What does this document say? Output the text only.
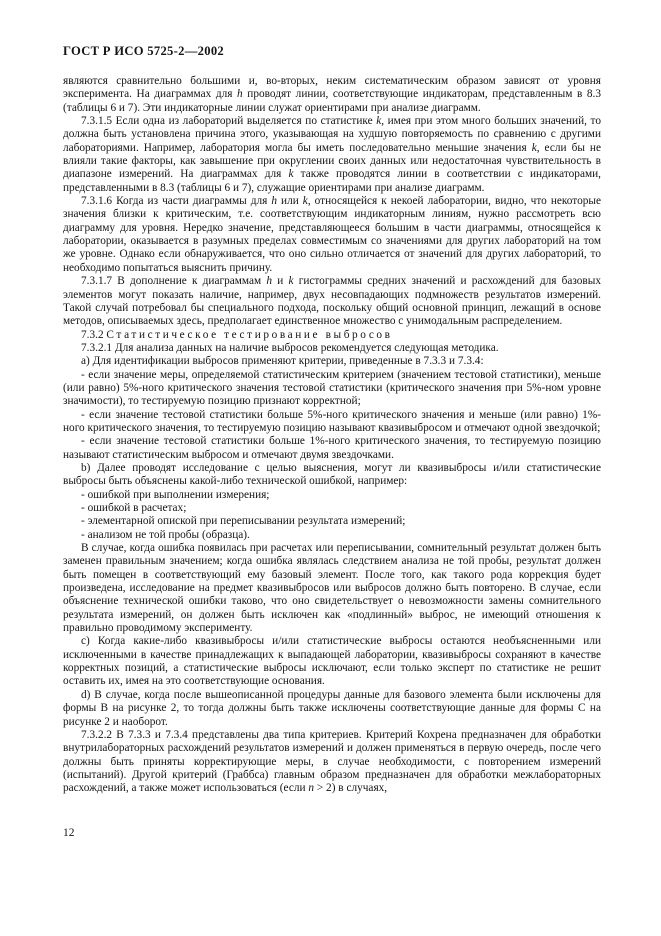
ГОСТ Р ИСО 5725-2—2002

являются сравнительно большими и, во-вторых, неким систематическим образом зависят от уровня эксперимента. На диаграммах для h проводят линии, соответствующие индикаторам, представленным в 8.3 (таблицы 6 и 7). Эти индикаторные линии служат ориентирами при анализе диаграмм.

7.3.1.5 Если одна из лабораторий выделяется по статистике k, имея при этом много больших значений, то должна быть установлена причина этого, указывающая на худшую повторяемость по сравнению с другими лабораториями. Например, лаборатория могла бы иметь последовательно меньшие значения k, если бы не влияли такие факторы, как завышение при округлении своих данных или недостаточная чувствительность в диапазоне измерений. На диаграммах для k также проводятся линии в соответствии с индикаторами, представленными в 8.3 (таблицы 6 и 7), служащие ориентирами при анализе диаграмм.

7.3.1.6 Когда из части диаграммы для h или k, относящейся к некоей лаборатории, видно, что некоторые значения близки к критическим, т.е. соответствующим индикаторным линиям, нужно рассмотреть всю диаграмму для уровня. Нередко значение, представляющееся большим в части диаграммы, относящейся к лаборатории, оказывается в разумных пределах совместимым со значениями для других лабораторий на том же уровне. Однако если обнаруживается, что оно сильно отличается от значений для других лабораторий, то необходимо попытаться выяснить причину.

7.3.1.7 В дополнение к диаграммам h и k гистограммы средних значений и расхождений для базовых элементов могут показать наличие, например, двух несовпадающих подмножеств результатов измерений. Такой случай потребовал бы специального подхода, поскольку общий основной принцип, лежащий в основе методов, описываемых здесь, предполагает единственное множество с унимодальным распределением.

7.3.2 Статистическое тестирование выбросов

7.3.2.1 Для анализа данных на наличие выбросов рекомендуется следующая методика.

а) Для идентификации выбросов применяют критерии, приведенные в 7.3.3 и 7.3.4:

- если значение меры, определяемой статистическим критерием (значением тестовой статистики), меньше (или равно) 5%-ного критического значения тестовой статистики (критического значения при 5%-ном уровне значимости), то тестируемую позицию признают корректной;

- если значение тестовой статистики больше 5%-ного критического значения и меньше (или равно) 1%-ного критического значения, то тестируемую позицию называют квазивыбросом и отмечают одной звездочкой;

- если значение тестовой статистики больше 1%-ного критического значения, то тестируемую позицию называют статистическим выбросом и отмечают двумя звездочками.

b) Далее проводят исследование с целью выяснения, могут ли квазивыбросы и/или статистические выбросы быть объяснены какой-либо технической ошибкой, например:

- ошибкой при выполнении измерения;

- ошибкой в расчетах;

- элементарной опиской при переписывании результата измерений;

- анализом не той пробы (образца).

В случае, когда ошибка появилась при расчетах или переписывании, сомнительный результат должен быть заменен правильным значением; когда ошибка являлась следствием анализа не той пробы, результат должен быть помещен в соответствующий ему базовый элемент. После того, как такого рода коррекция будет произведена, исследование на предмет квазивыбросов или выбросов должно быть повторено. В случае, если объяснение технической ошибки таково, что оно свидетельствует о невозможности замены сомнительного результата измерений, он должен быть исключен как «подлинный» выброс, не имеющий отношения к правильно проводимому эксперименту.

c) Когда какие-либо квазивыбросы и/или статистические выбросы остаются необъясненными или исключенными в качестве принадлежащих к выпадающей лаборатории, квазивыбросы сохраняют в качестве корректных позиций, а статистические выбросы исключают, если только эксперт по статистике не решит оставить их, имея на это соответствующие основания.

d) В случае, когда после вышеописанной процедуры данные для базового элемента были исключены для формы В на рисунке 2, то тогда должны быть также исключены соответствующие данные для формы С на рисунке 2 и наоборот.

7.3.2.2 В 7.3.3 и 7.3.4 представлены два типа критериев. Критерий Кохрена предназначен для обработки внутрилабораторных расхождений результатов измерений и должен применяться в первую очередь, после чего должны быть приняты корректирующие меры, в случае необходимости, с повторением измерений (испытаний). Другой критерий (Граббса) главным образом предназначен для обработки межлабораторных расхождений, а также может использоваться (если n > 2) в случаях,

12
